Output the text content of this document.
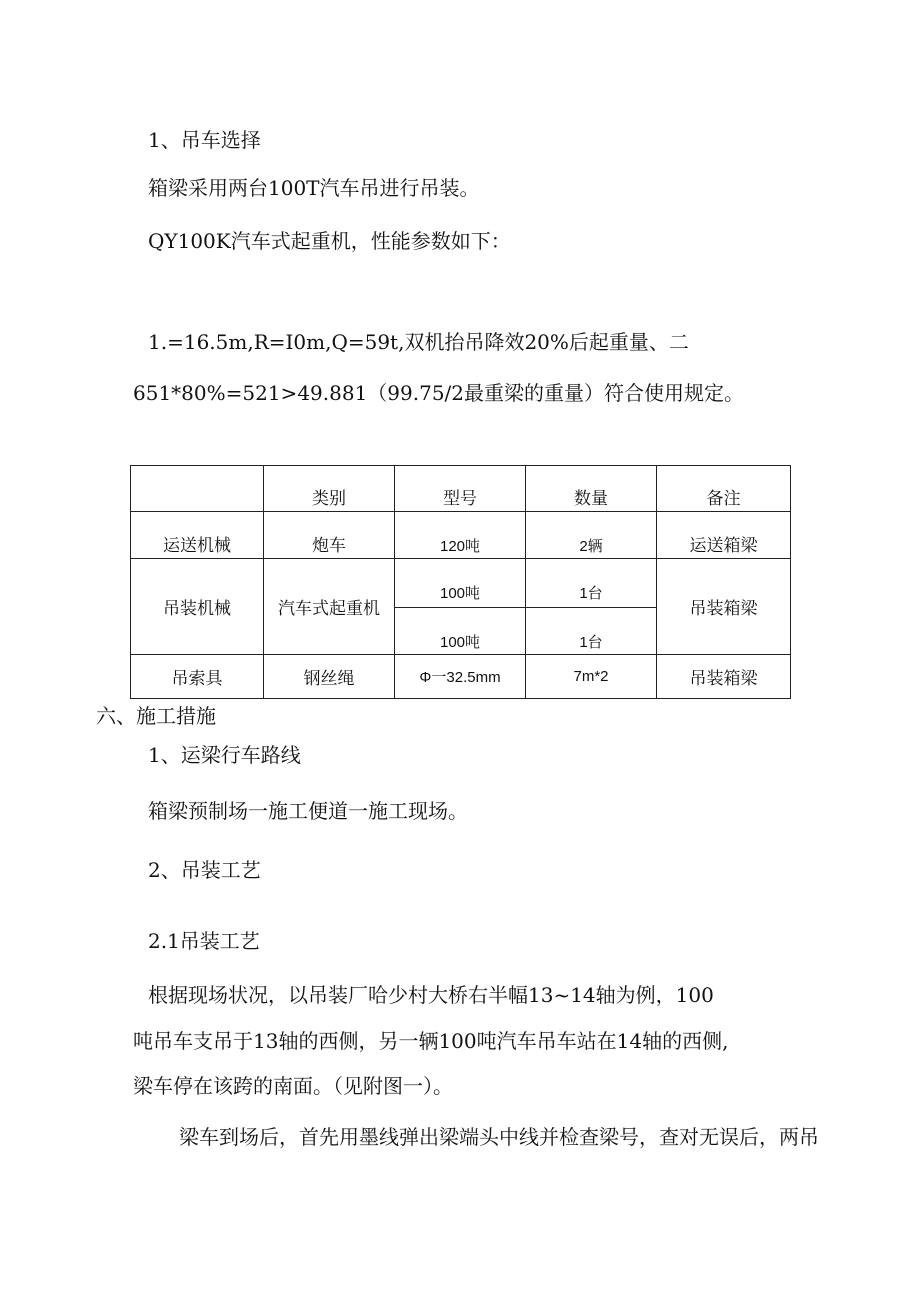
1、吊车选择
箱梁采用两台100T汽车吊进行吊装。
QY100K汽车式起重机，性能参数如下：
1.=16.5m,R=I0m,Q=59t,双机抬吊降效20%后起重量、二
651*80%=521>49.881（99.75/2最重梁的重量）符合使用规定。
	类别	型号	数量	备注
运送机械	炮车	120吨	2辆	运送箱梁
吊装机械	汽车式起重机	100吨	1台	吊装箱梁
		100吨	1台	
吊索具	钢丝绳	Φ一32.5mm	7m*2	吊装箱梁
六、施工措施
1、运梁行车路线
箱梁预制场一施工便道一施工现场。
2、吊装工艺
2.1吊装工艺
根据现场状况，以吊装厂哈少村大桥右半幅13~14轴为例，100
吨吊车支吊于13轴的西侧，另一辆100吨汽车吊车站在14轴的西侧,
梁车停在该跨的南面。（见附图一）。
梁车到场后，首先用墨线弹出梁端头中线并检查梁号，查对无误后，两吊
